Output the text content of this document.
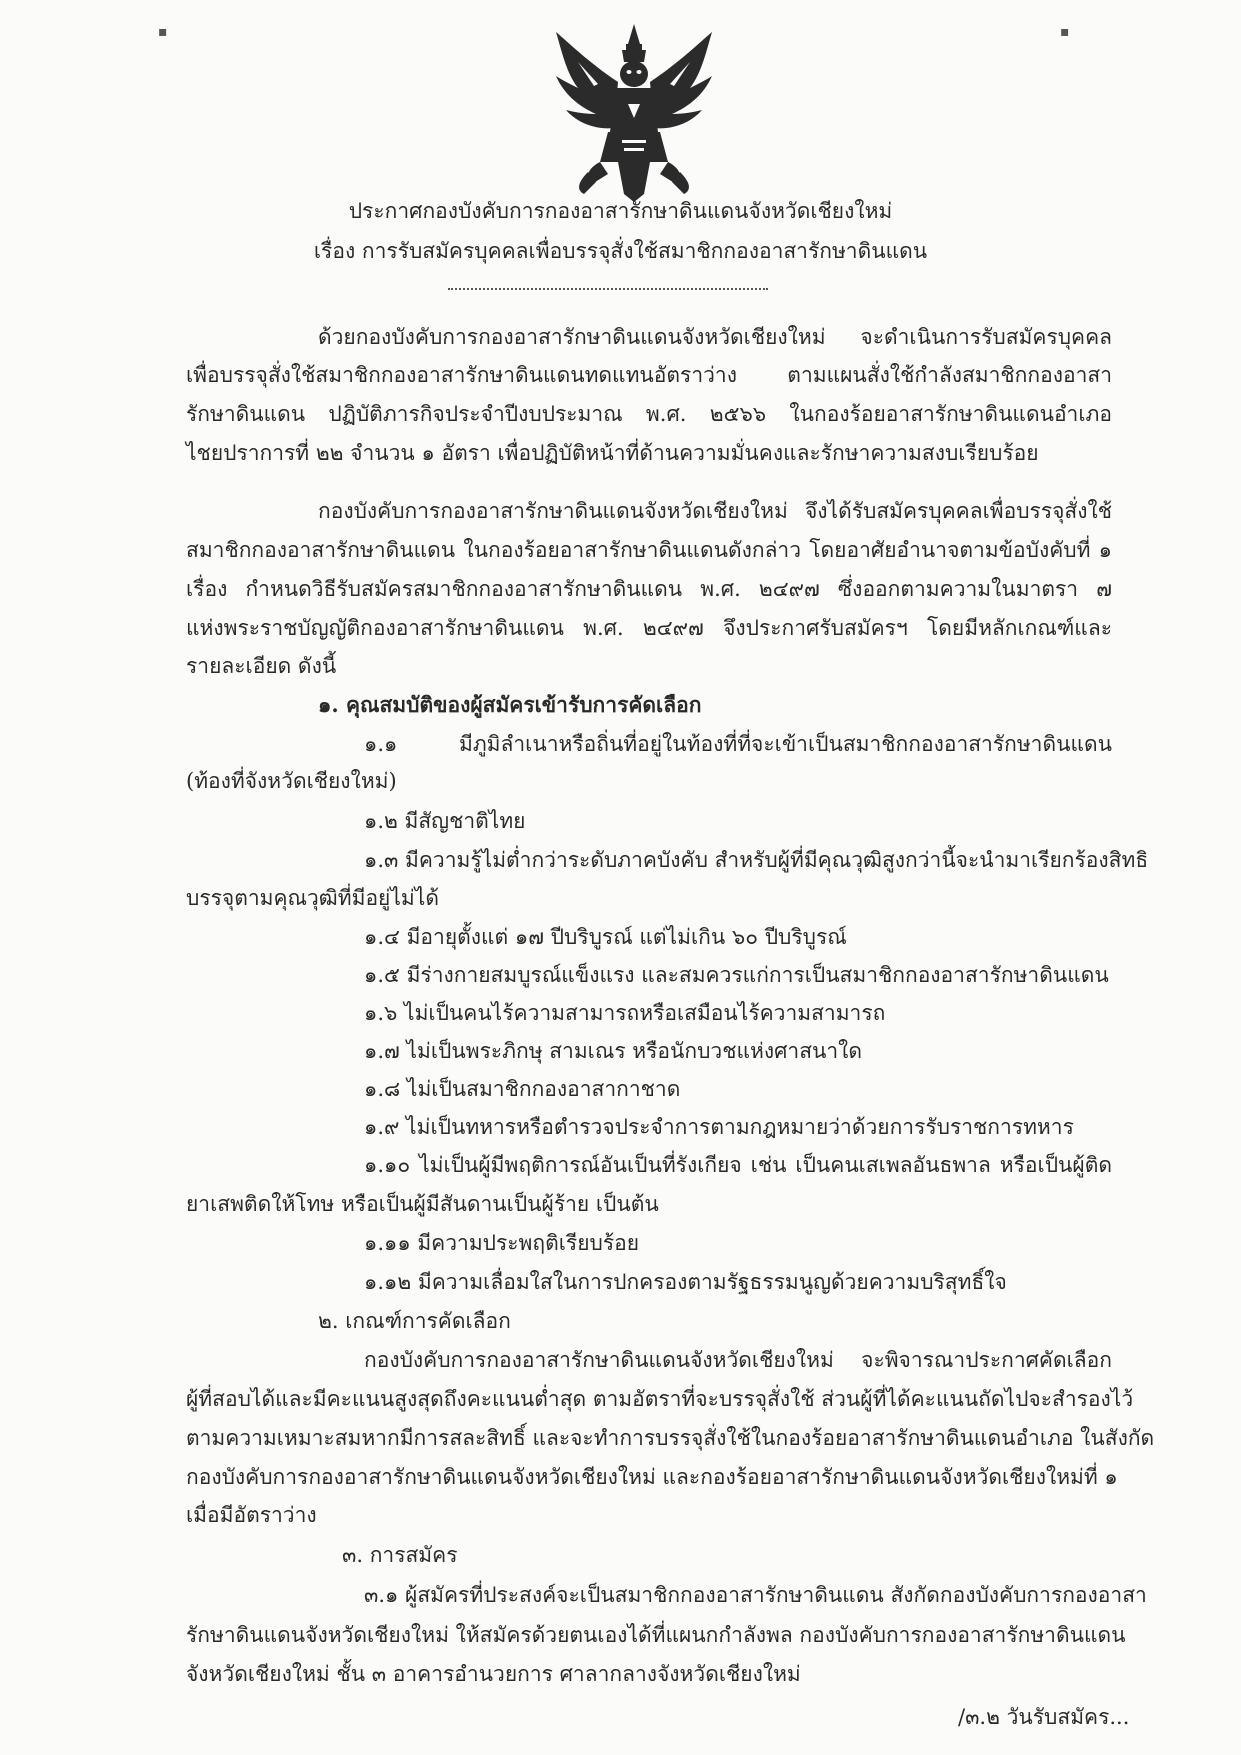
▪	▪
ประกาศกองบังคับการกองอาสารักษาดินแดนจังหวัดเชียงใหม่
เรื่อง การรับสมัครบุคคลเพื่อบรรจุสั่งใช้สมาชิกกองอาสารักษาดินแดน
ด้วยกองบังคับการกองอาสารักษาดินแดนจังหวัดเชียงใหม่ จะดำเนินการรับสมัครบุคคล
เพื่อบรรจุสั่งใช้สมาชิกกองอาสารักษาดินแดนทดแทนอัตราว่าง ตามแผนสั่งใช้กำลังสมาชิกกองอาสา
รักษาดินแดน ปฏิบัติภารกิจประจำปีงบประมาณ พ.ศ. ๒๕๖๖ ในกองร้อยอาสารักษาดินแดนอำเภอ
ไชยปราการที่ ๒๒ จำนวน ๑ อัตรา เพื่อปฏิบัติหน้าที่ด้านความมั่นคงและรักษาความสงบเรียบร้อย
กองบังคับการกองอาสารักษาดินแดนจังหวัดเชียงใหม่ จึงได้รับสมัครบุคคลเพื่อบรรจุสั่งใช้
สมาชิกกองอาสารักษาดินแดน ในกองร้อยอาสารักษาดินแดนดังกล่าว โดยอาศัยอำนาจตามข้อบังคับที่ ๑
เรื่อง กำหนดวิธีรับสมัครสมาชิกกองอาสารักษาดินแดน พ.ศ. ๒๔๙๗ ซึ่งออกตามความในมาตรา ๗
แห่งพระราชบัญญัติกองอาสารักษาดินแดน พ.ศ. ๒๔๙๗ จึงประกาศรับสมัครฯ โดยมีหลักเกณฑ์และ
รายละเอียด ดังนี้
๑. คุณสมบัติของผู้สมัครเข้ารับการคัดเลือก
๑.๑ มีภูมิลำเนาหรือถิ่นที่อยู่ในท้องที่ที่จะเข้าเป็นสมาชิกกองอาสารักษาดินแดน
(ท้องที่จังหวัดเชียงใหม่)
๑.๒ มีสัญชาติไทย
๑.๓ มีความรู้ไม่ต่ำกว่าระดับภาคบังคับ สำหรับผู้ที่มีคุณวุฒิสูงกว่านี้จะนำมาเรียกร้องสิทธิ
บรรจุตามคุณวุฒิที่มีอยู่ไม่ได้
๑.๔ มีอายุตั้งแต่ ๑๗ ปีบริบูรณ์ แต่ไม่เกิน ๖๐ ปีบริบูรณ์
๑.๕ มีร่างกายสมบูรณ์แข็งแรง และสมควรแก่การเป็นสมาชิกกองอาสารักษาดินแดน
๑.๖ ไม่เป็นคนไร้ความสามารถหรือเสมือนไร้ความสามารถ
๑.๗ ไม่เป็นพระภิกษุ สามเณร หรือนักบวชแห่งศาสนาใด
๑.๘ ไม่เป็นสมาชิกกองอาสากาชาด
๑.๙ ไม่เป็นทหารหรือตำรวจประจำการตามกฎหมายว่าด้วยการรับราชการทหาร
๑.๑๐ ไม่เป็นผู้มีพฤติการณ์อันเป็นที่รังเกียจ เช่น เป็นคนเสเพลอันธพาล หรือเป็นผู้ติด
ยาเสพติดให้โทษ หรือเป็นผู้มีสันดานเป็นผู้ร้าย เป็นต้น
๑.๑๑ มีความประพฤติเรียบร้อย
๑.๑๒ มีความเลื่อมใสในการปกครองตามรัฐธรรมนูญด้วยความบริสุทธิ์ใจ
๒. เกณฑ์การคัดเลือก
กองบังคับการกองอาสารักษาดินแดนจังหวัดเชียงใหม่ จะพิจารณาประกาศคัดเลือก
ผู้ที่สอบได้และมีคะแนนสูงสุดถึงคะแนนต่ำสุด ตามอัตราที่จะบรรจุสั่งใช้ ส่วนผู้ที่ได้คะแนนถัดไปจะสำรองไว้
ตามความเหมาะสมหากมีการสละสิทธิ์ และจะทำการบรรจุสั่งใช้ในกองร้อยอาสารักษาดินแดนอำเภอ ในสังกัด
กองบังคับการกองอาสารักษาดินแดนจังหวัดเชียงใหม่ และกองร้อยอาสารักษาดินแดนจังหวัดเชียงใหม่ที่ ๑
เมื่อมีอัตราว่าง
๓. การสมัคร
๓.๑ ผู้สมัครที่ประสงค์จะเป็นสมาชิกกองอาสารักษาดินแดน สังกัดกองบังคับการกองอาสา
รักษาดินแดนจังหวัดเชียงใหม่ ให้สมัครด้วยตนเองได้ที่แผนกกำลังพล กองบังคับการกองอาสารักษาดินแดน
จังหวัดเชียงใหม่ ชั้น ๓ อาคารอำนวยการ ศาลากลางจังหวัดเชียงใหม่
/๓.๒ วันรับสมัคร...
